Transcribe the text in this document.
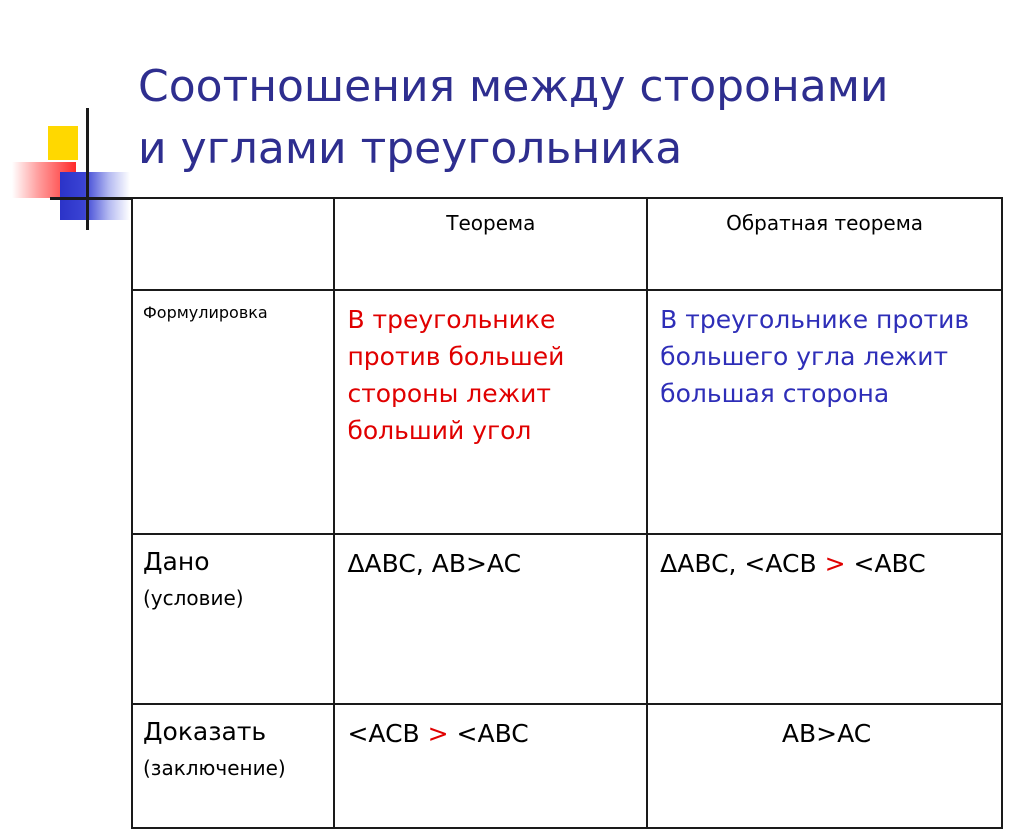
Соотношения между сторонами
и углами треугольника
	Теорема	Обратная теорема
Формулировка	В треугольнике против большей стороны лежит больший угол	В треугольнике против большего угла лежит большая сторона
Дано
(условие)	ΔABC, AB>AC	ΔABC, <ACB > <ABC
Доказать
(заключение)	<ACB > <ABC	AB>AC
